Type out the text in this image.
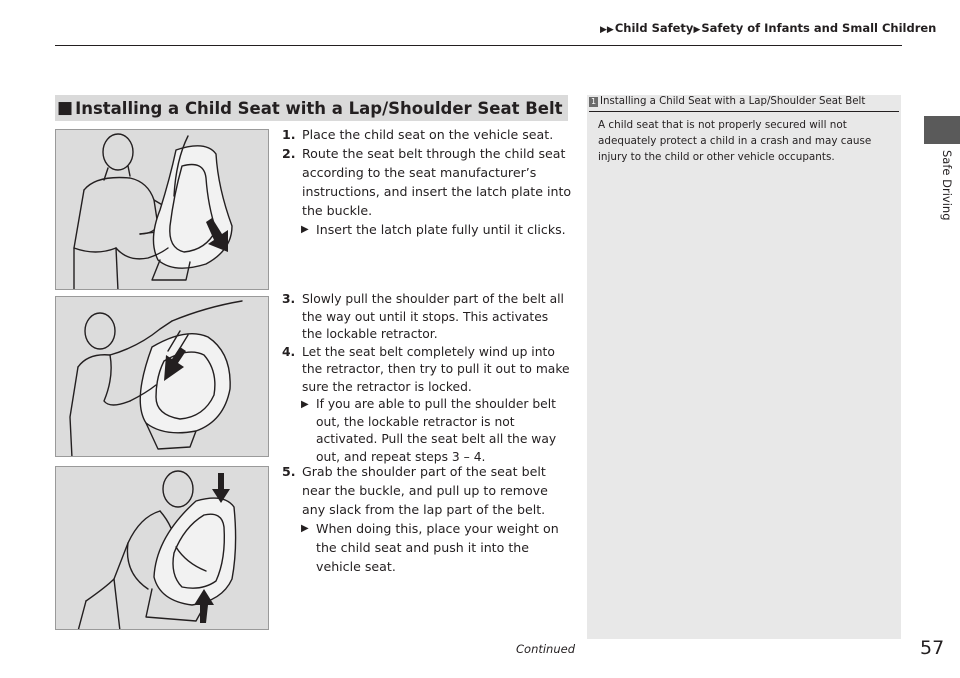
▶▶Child Safety▶Safety of Infants and Small Children
Safe Driving
■ Installing a Child Seat with a Lap/Shoulder Seat Belt
1. Place the child seat on the vehicle seat.
2. Route the seat belt through the child seat according to the seat manufacturer’s instructions, and insert the latch plate into the buckle.
▶ Insert the latch plate fully until it clicks.
3. Slowly pull the shoulder part of the belt all the way out until it stops. This activates the lockable retractor.
4. Let the seat belt completely wind up into the retractor, then try to pull it out to make sure the retractor is locked.
▶ If you are able to pull the shoulder belt out, the lockable retractor is not activated. Pull the seat belt all the way out, and repeat steps 3 – 4.
5. Grab the shoulder part of the seat belt near the buckle, and pull up to remove any slack from the lap part of the belt.
▶ When doing this, place your weight on the child seat and push it into the vehicle seat.
1 Installing a Child Seat with a Lap/Shoulder Seat Belt
A child seat that is not properly secured will not adequately protect a child in a crash and may cause injury to the child or other vehicle occupants.
Continued	57
